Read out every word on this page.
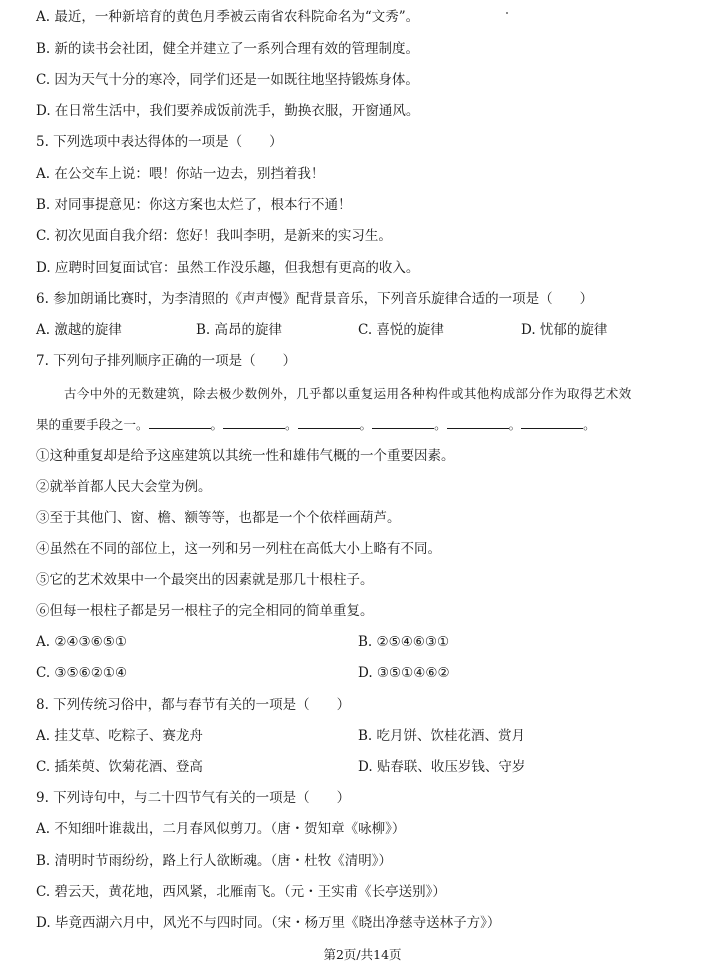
A. 最近，一种新培育的黄色月季被云南省农科院命名为“文秀”。
B. 新的读书会社团，健全并建立了一系列合理有效的管理制度。
C. 因为天气十分的寒冷，同学们还是一如既往地坚持锻炼身体。
D. 在日常生活中，我们要养成饭前洗手，勤换衣服，开窗通风。
5. 下列选项中表达得体的一项是（　　）
A. 在公交车上说：喂！你站一边去，别挡着我！
B. 对同事提意见：你这方案也太烂了，根本行不通！
C. 初次见面自我介绍：您好！我叫李明，是新来的实习生。
D. 应聘时回复面试官：虽然工作没乐趣，但我想有更高的收入。
6. 参加朗诵比赛时，为李清照的《声声慢》配背景音乐，下列音乐旋律合适的一项是（　　）
A. 激越的旋律	B. 高昂的旋律	C. 喜悦的旋律	D. 忧郁的旋律
7. 下列句子排列顺序正确的一项是（　　）
古今中外的无数建筑，除去极少数例外，几乎都以重复运用各种构件或其他构成部分作为取得艺术效
果的重要手段之一。	。	。	。	。	。	。
①这种重复却是给予这座建筑以其统一性和雄伟气概的一个重要因素。
②就举首都人民大会堂为例。
③至于其他门、窗、檐、额等等，也都是一个个依样画葫芦。
④虽然在不同的部位上，这一列和另一列柱在高低大小上略有不同。
⑤它的艺术效果中一个最突出的因素就是那几十根柱子。
⑥但每一根柱子都是另一根柱子的完全相同的简单重复。
A. ②④③⑥⑤①	B. ②⑤④⑥③①
C. ③⑤⑥②①④	D. ③⑤①④⑥②
8. 下列传统习俗中，都与春节有关的一项是（　　）
A. 挂艾草、吃粽子、赛龙舟	B. 吃月饼、饮桂花酒、赏月
C. 插茱萸、饮菊花酒、登高	D. 贴春联、收压岁钱、守岁
9. 下列诗句中，与二十四节气有关的一项是（　　）
A. 不知细叶谁裁出，二月春风似剪刀。（唐・贺知章《咏柳》）
B. 清明时节雨纷纷，路上行人欲断魂。（唐・杜牧《清明》）
C. 碧云天，黄花地，西风紧，北雁南飞。（元・王实甫《长亭送别》）
D. 毕竟西湖六月中，风光不与四时同。（宋・杨万里《晓出净慈寺送林子方》）
第2页/共14页
